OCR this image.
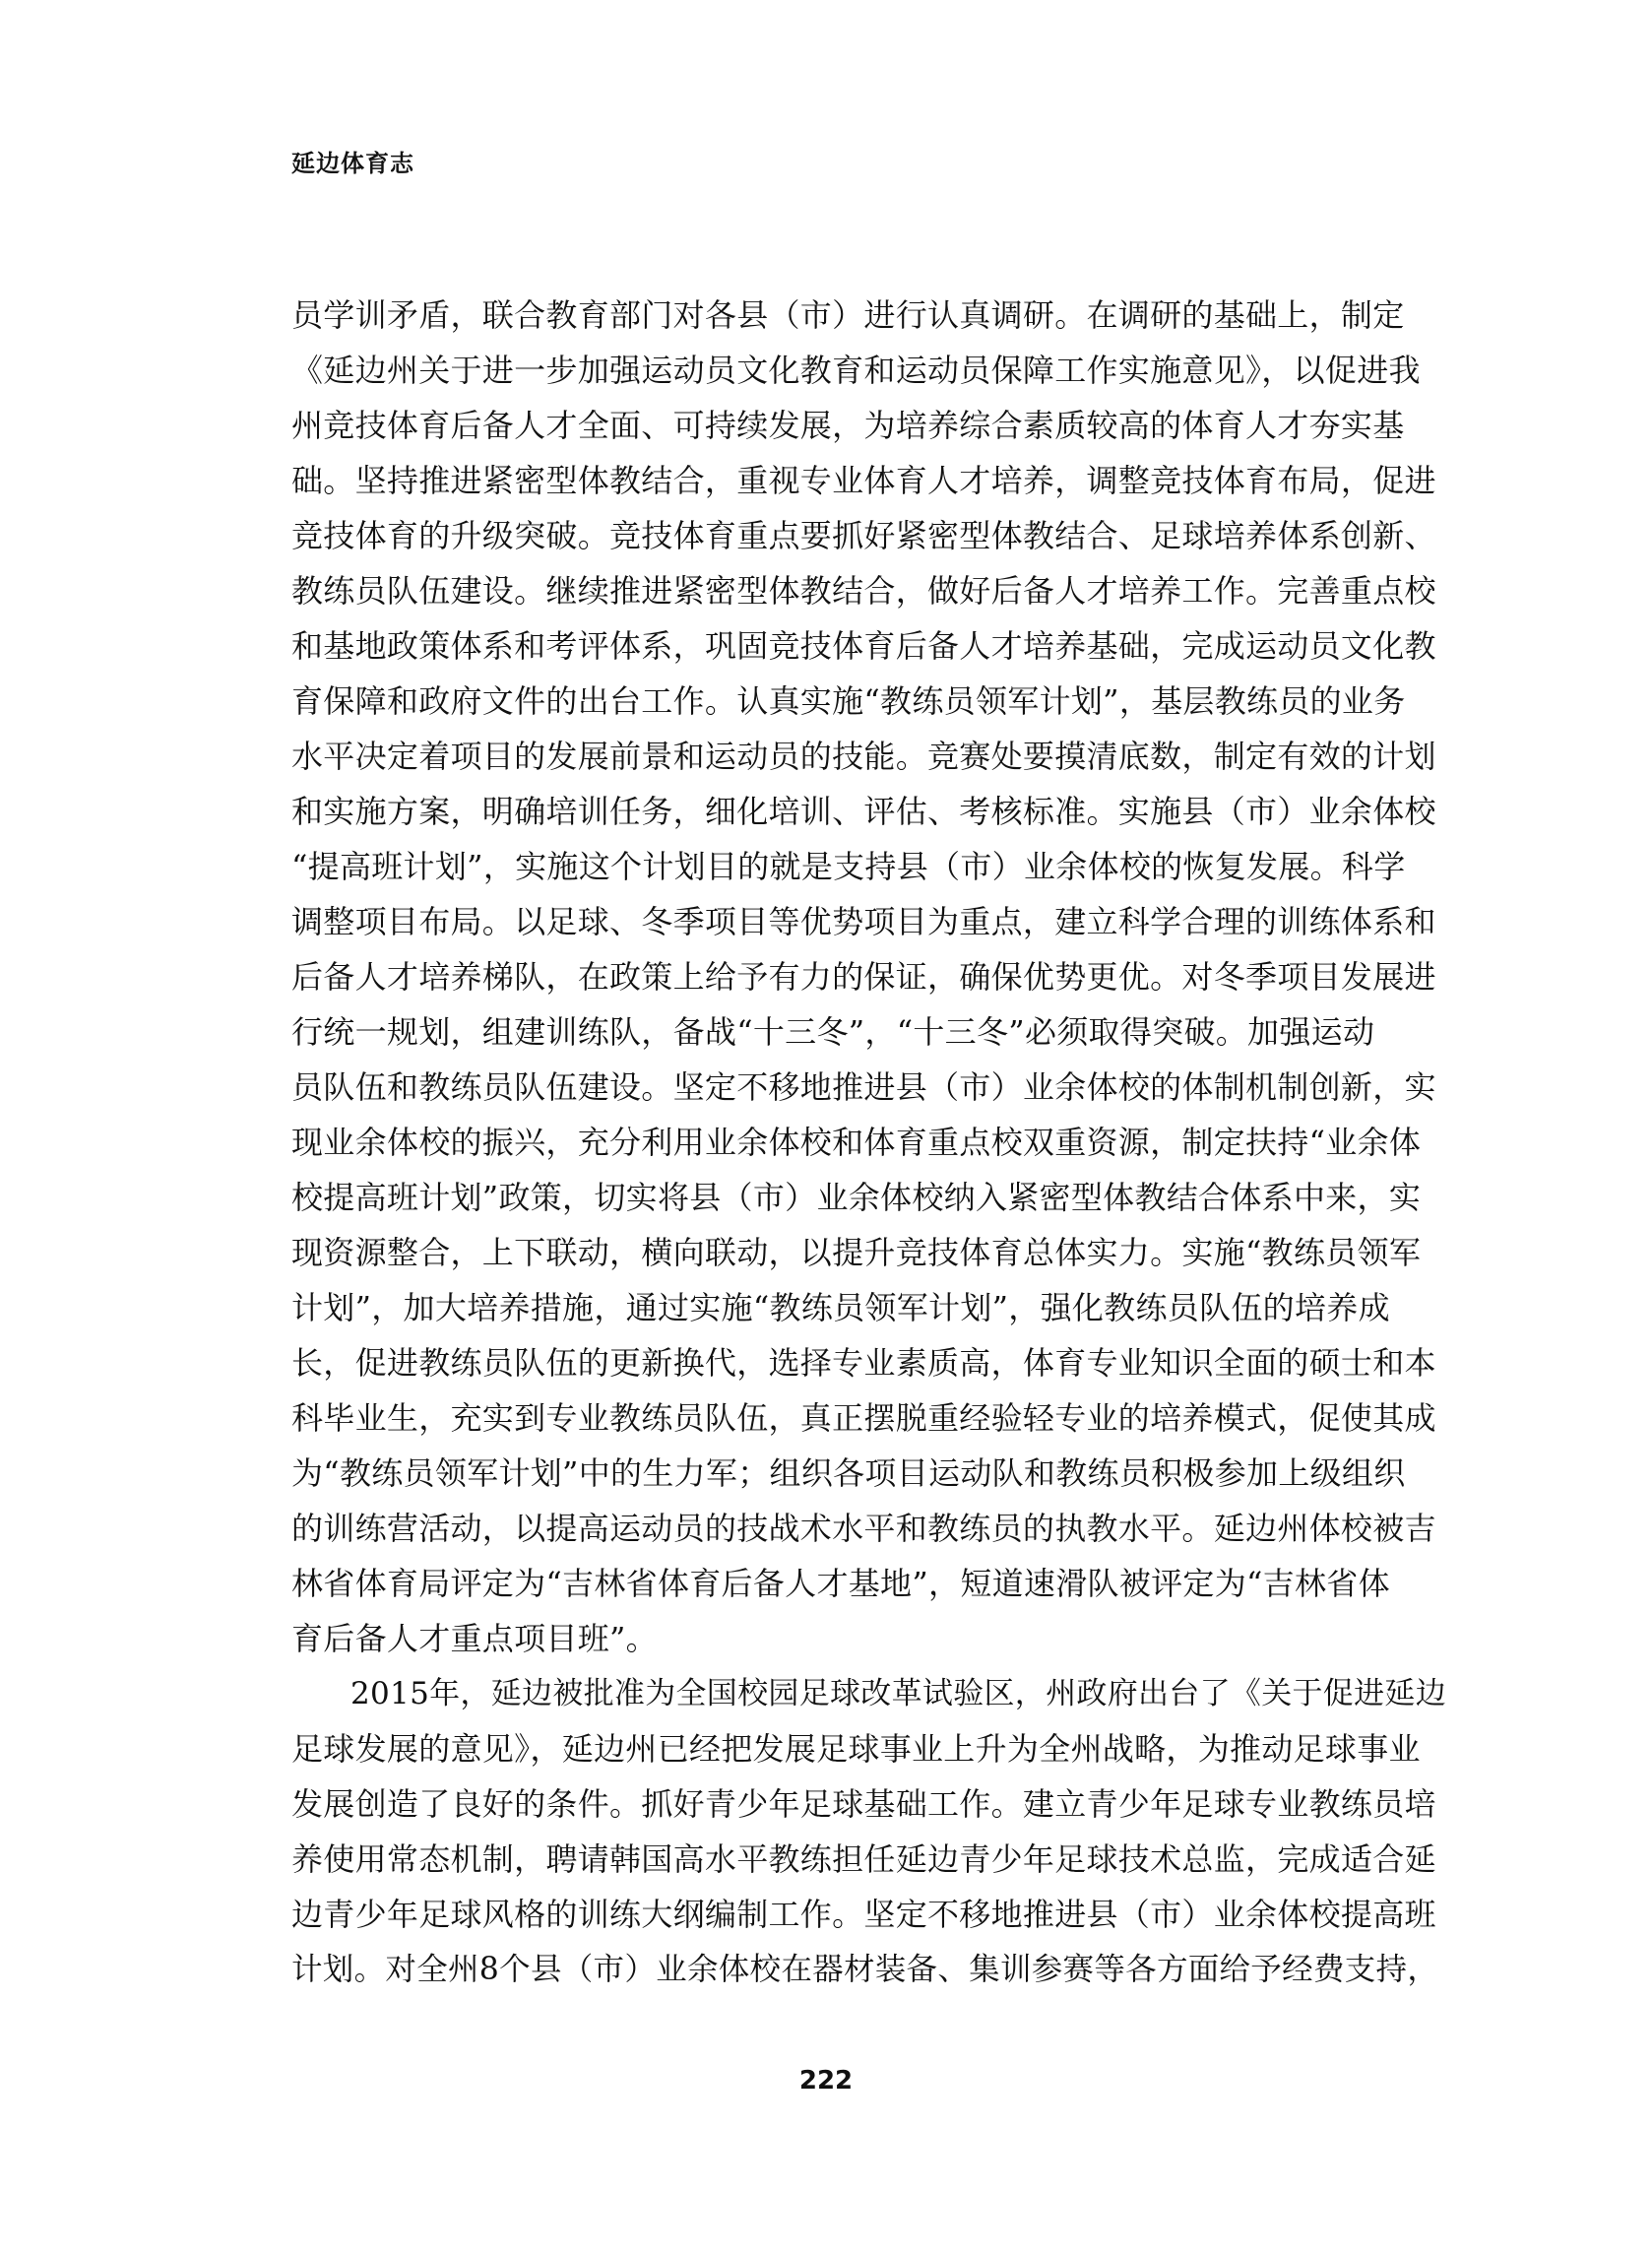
延边体育志
员学训矛盾，联合教育部门对各县（市）进行认真调研。在调研的基础上，制定
《延边州关于进一步加强运动员文化教育和运动员保障工作实施意见》，以促进我
州竞技体育后备人才全面、可持续发展，为培养综合素质较高的体育人才夯实基
础。坚持推进紧密型体教结合，重视专业体育人才培养，调整竞技体育布局，促进
竞技体育的升级突破。竞技体育重点要抓好紧密型体教结合、足球培养体系创新、
教练员队伍建设。继续推进紧密型体教结合，做好后备人才培养工作。完善重点校
和基地政策体系和考评体系，巩固竞技体育后备人才培养基础，完成运动员文化教
育保障和政府文件的出台工作。认真实施“教练员领军计划”，基层教练员的业务
水平决定着项目的发展前景和运动员的技能。竞赛处要摸清底数，制定有效的计划
和实施方案，明确培训任务，细化培训、评估、考核标准。实施县（市）业余体校
“提高班计划”，实施这个计划目的就是支持县（市）业余体校的恢复发展。科学
调整项目布局。以足球、冬季项目等优势项目为重点，建立科学合理的训练体系和
后备人才培养梯队，在政策上给予有力的保证，确保优势更优。对冬季项目发展进
行统一规划，组建训练队，备战“十三冬”，“十三冬”必须取得突破。加强运动
员队伍和教练员队伍建设。坚定不移地推进县（市）业余体校的体制机制创新，实
现业余体校的振兴，充分利用业余体校和体育重点校双重资源，制定扶持“业余体
校提高班计划”政策，切实将县（市）业余体校纳入紧密型体教结合体系中来，实
现资源整合，上下联动，横向联动，以提升竞技体育总体实力。实施“教练员领军
计划”，加大培养措施，通过实施“教练员领军计划”，强化教练员队伍的培养成
长，促进教练员队伍的更新换代，选择专业素质高，体育专业知识全面的硕士和本
科毕业生，充实到专业教练员队伍，真正摆脱重经验轻专业的培养模式，促使其成
为“教练员领军计划”中的生力军；组织各项目运动队和教练员积极参加上级组织
的训练营活动，以提高运动员的技战术水平和教练员的执教水平。延边州体校被吉
林省体育局评定为“吉林省体育后备人才基地”，短道速滑队被评定为“吉林省体
育后备人才重点项目班”。
2015年，延边被批准为全国校园足球改革试验区，州政府出台了《关于促进延边
足球发展的意见》，延边州已经把发展足球事业上升为全州战略，为推动足球事业
发展创造了良好的条件。抓好青少年足球基础工作。建立青少年足球专业教练员培
养使用常态机制，聘请韩国高水平教练担任延边青少年足球技术总监，完成适合延
边青少年足球风格的训练大纲编制工作。坚定不移地推进县（市）业余体校提高班
计划。对全州8个县（市）业余体校在器材装备、集训参赛等各方面给予经费支持，
222
